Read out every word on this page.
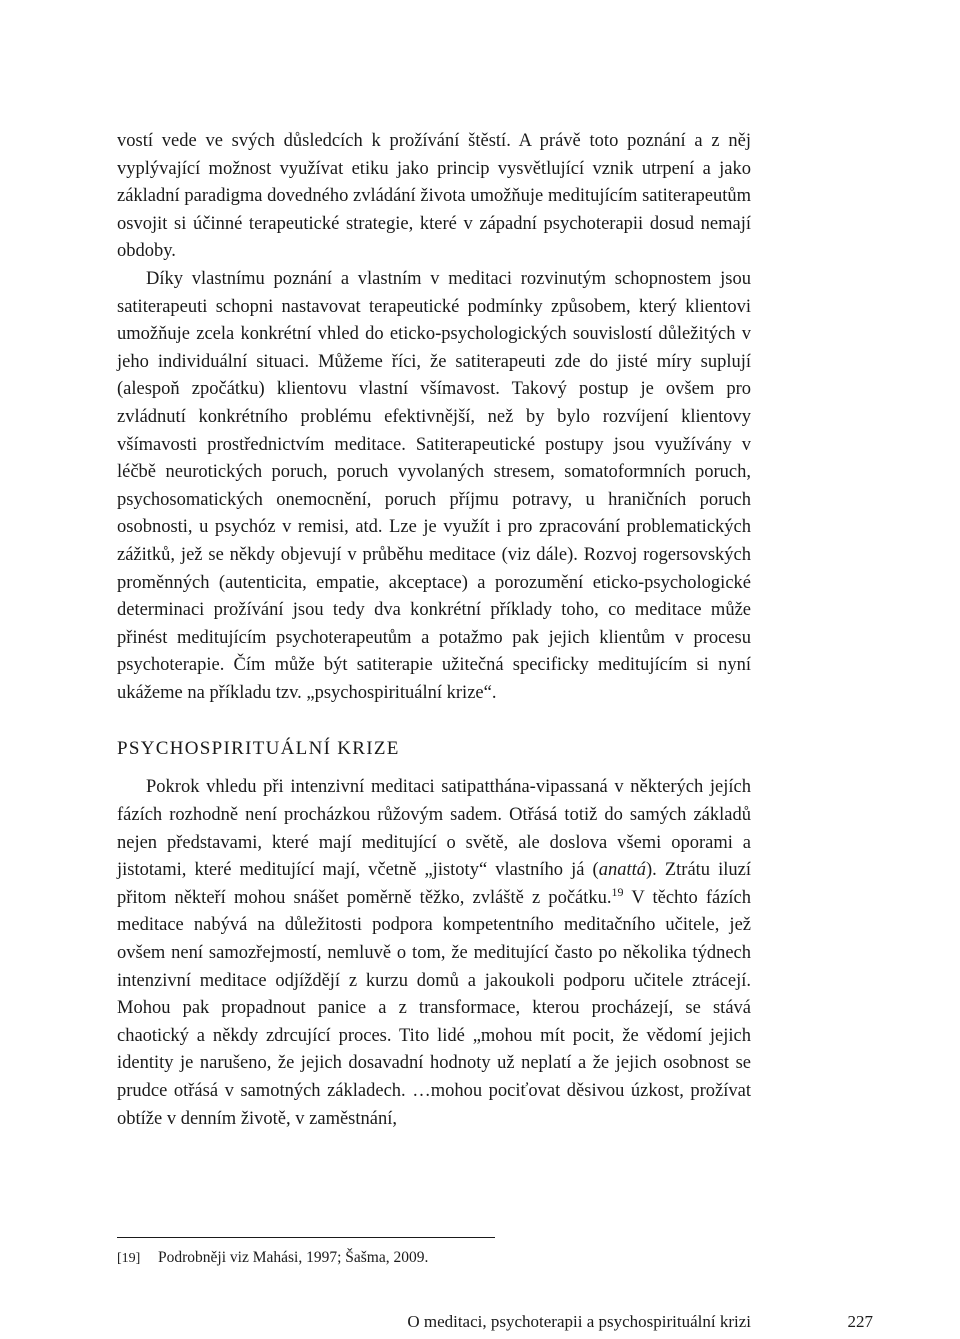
vostí vede ve svých důsledcích k prožívání štěstí. A právě toto poznání a z něj vyplývající možnost využívat etiku jako princip vysvětlující vznik utrpení a jako základní paradigma dovedného zvládání života umožňuje meditujícím satiterapeutům osvojit si účinné terapeutické strategie, které v západní psychoterapii dosud nemají obdoby.

Díky vlastnímu poznání a vlastním v meditaci rozvinutým schopnostem jsou satiterapeuti schopni nastavovat terapeutické podmínky způsobem, který klientovi umožňuje zcela konkrétní vhled do eticko-psychologických souvislostí důležitých v jeho individuální situaci. Můžeme říci, že satiterapeuti zde do jisté míry suplují (alespoň zpočátku) klientovu vlastní všímavost. Takový postup je ovšem pro zvládnutí konkrétního problému efektivnější, než by bylo rozvíjení klientovy všímavosti prostřednictvím meditace. Satiterapeutické postupy jsou využívány v léčbě neurotických poruch, poruch vyvolaných stresem, somatoformních poruch, psychosomatických onemocnění, poruch příjmu potravy, u hraničních poruch osobnosti, u psychóz v remisi, atd. Lze je využít i pro zpracování problematických zážitků, jež se někdy objevují v průběhu meditace (viz dále). Rozvoj rogersovských proměnných (autenticita, empatie, akceptace) a porozumění eticko-psychologické determinaci prožívání jsou tedy dva konkrétní příklady toho, co meditace může přinést meditujícím psychoterapeutům a potažmo pak jejich klientům v procesu psychoterapie. Čím může být satiterapie užitečná specificky meditujícím si nyní ukážeme na příkladu tzv. „psychospirituální krize“.

PSYCHOSPIRITUÁLNÍ KRIZE

Pokrok vhledu při intenzivní meditaci satipatthána-vipassaná v některých jejích fázích rozhodně není procházkou růžovým sadem. Otřásá totiž do samých základů nejen představami, které mají meditující o světě, ale doslova všemi oporami a jistotami, které meditující mají, včetně „jistoty“ vlastního já (anattá). Ztrátu iluzí přitom někteří mohou snášet poměrně těžko, zvláště z počátku.$^{19}$ V těchto fázích meditace nabývá na důležitosti podpora kompetentního meditačního učitele, jež ovšem není samozřejmostí, nemluvě o tom, že meditující často po několika týdnech intenzivní meditace odjíždějí z kurzu domů a jakoukoli podporu učitele ztrácejí. Mohou pak propadnout panice a z transformace, kterou procházejí, se stává chaotický a někdy zdrcující proces. Tito lidé „mohou mít pocit, že vědomí jejich identity je narušeno, že jejich dosavadní hodnoty už neplatí a že jejich osobnost se prudce otřásá v samotných základech. …mohou pociťovat děsivou úzkost, prožívat obtíže v denním životě, v zaměstnání,

[19] Podrobněji viz Mahási, 1997; Šašma, 2009.
O meditaci, psychoterapii a psychospirituální krizi	227
